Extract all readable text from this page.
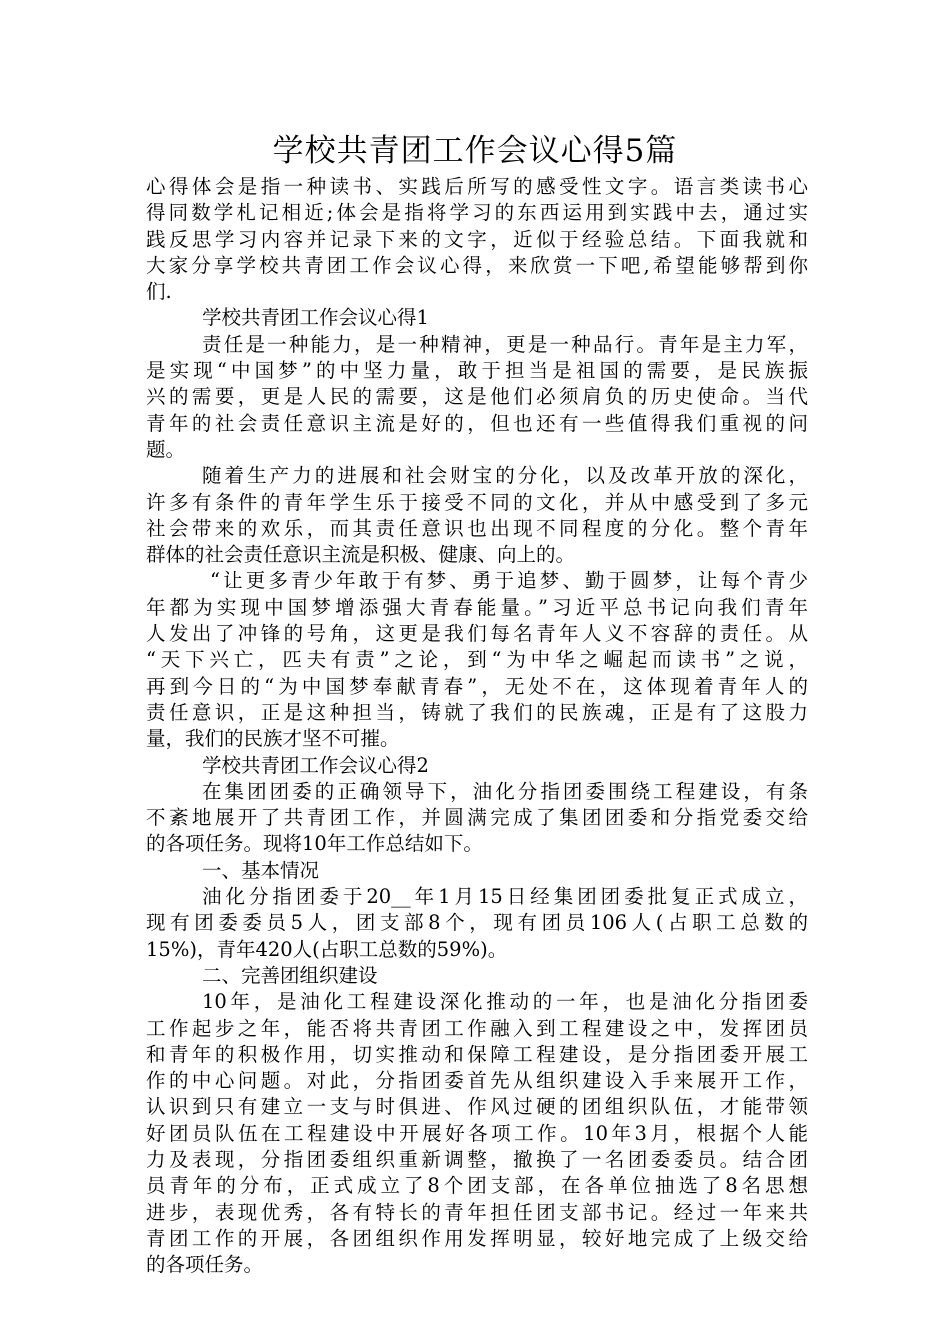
学校共青团工作会议心得5篇
心得体会是指一种读书、实践后所写的感受性文字。语言类读书心
得同数学札记相近;体会是指将学习的东西运用到实践中去，通过实
践反思学习内容并记录下来的文字，近似于经验总结。下面我就和
大家分享学校共青团工作会议心得，来欣赏一下吧,希望能够帮到你
们.
学校共青团工作会议心得1
责任是一种能力，是一种精神，更是一种品行。青年是主力军，
是实现“中国梦”的中坚力量，敢于担当是祖国的需要，是民族振
兴的需要，更是人民的需要，这是他们必须肩负的历史使命。当代
青年的社会责任意识主流是好的，但也还有一些值得我们重视的问
题。
随着生产力的进展和社会财宝的分化，以及改革开放的深化，
许多有条件的青年学生乐于接受不同的文化，并从中感受到了多元
社会带来的欢乐，而其责任意识也出现不同程度的分化。整个青年
群体的社会责任意识主流是积极、健康、向上的。
“让更多青少年敢于有梦、勇于追梦、勤于圆梦，让每个青少
年都为实现中国梦增添强大青春能量。”习近平总书记向我们青年
人发出了冲锋的号角，这更是我们每名青年人义不容辞的责任。从
“天下兴亡，匹夫有责”之论，到“为中华之崛起而读书”之说，
再到今日的“为中国梦奉献青春”，无处不在，这体现着青年人的
责任意识，正是这种担当，铸就了我们的民族魂，正是有了这股力
量，我们的民族才坚不可摧。
学校共青团工作会议心得2
在集团团委的正确领导下，油化分指团委围绕工程建设，有条
不紊地展开了共青团工作，并圆满完成了集团团委和分指党委交给
的各项任务。现将10年工作总结如下。
一、基本情况
油化分指团委于20__年1月15日经集团团委批复正式成立，
现有团委委员5人，团支部8个，现有团员106人(占职工总数的
15%)，青年420人(占职工总数的59%)。
二、完善团组织建设
10年，是油化工程建设深化推动的一年，也是油化分指团委
工作起步之年，能否将共青团工作融入到工程建设之中，发挥团员
和青年的积极作用，切实推动和保障工程建设，是分指团委开展工
作的中心问题。对此，分指团委首先从组织建设入手来展开工作，
认识到只有建立一支与时俱进、作风过硬的团组织队伍，才能带领
好团员队伍在工程建设中开展好各项工作。10年3月，根据个人能
力及表现，分指团委组织重新调整，撤换了一名团委委员。结合团
员青年的分布，正式成立了8个团支部，在各单位抽选了8名思想
进步，表现优秀，各有特长的青年担任团支部书记。经过一年来共
青团工作的开展，各团组织作用发挥明显，较好地完成了上级交给
的各项任务。
